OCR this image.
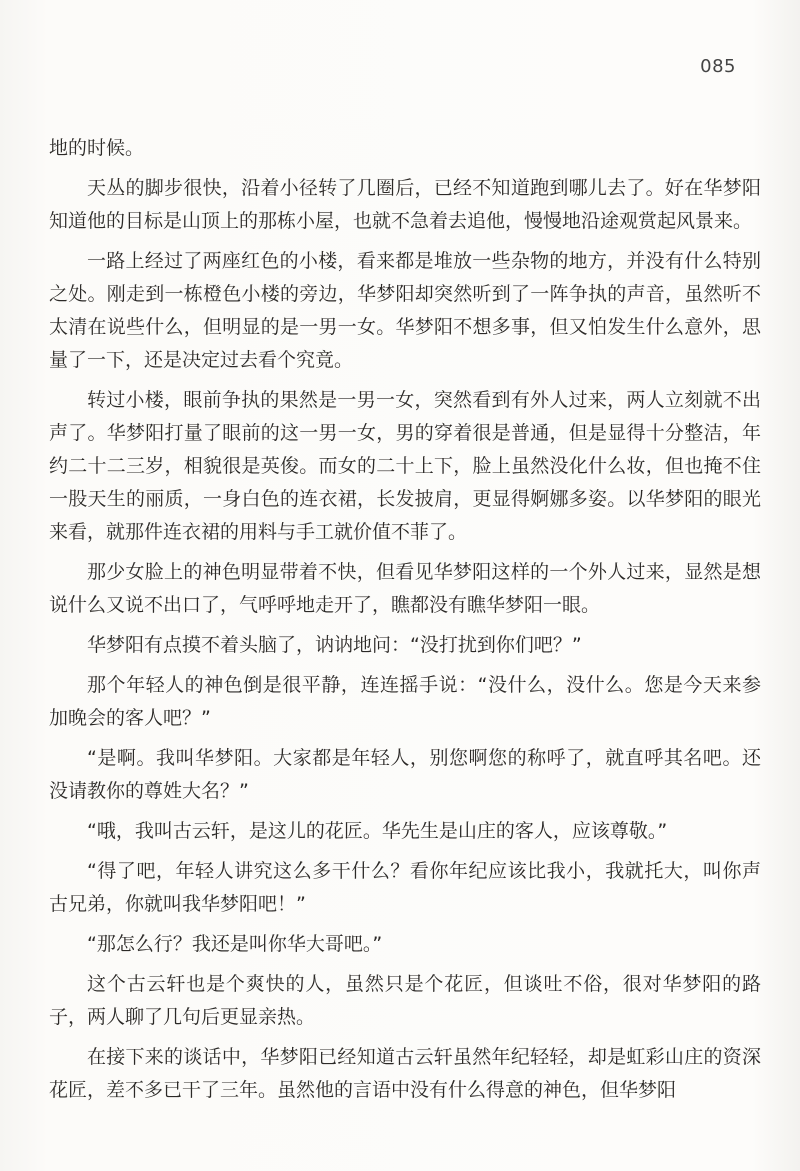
085

地的时候。

天丛的脚步很快，沿着小径转了几圈后，已经不知道跑到哪儿去了。好在华梦阳知道他的目标是山顶上的那栋小屋，也就不急着去追他，慢慢地沿途观赏起风景来。

一路上经过了两座红色的小楼，看来都是堆放一些杂物的地方，并没有什么特别之处。刚走到一栋橙色小楼的旁边，华梦阳却突然听到了一阵争执的声音，虽然听不太清在说些什么，但明显的是一男一女。华梦阳不想多事，但又怕发生什么意外，思量了一下，还是决定过去看个究竟。

转过小楼，眼前争执的果然是一男一女，突然看到有外人过来，两人立刻就不出声了。华梦阳打量了眼前的这一男一女，男的穿着很是普通，但是显得十分整洁，年约二十二三岁，相貌很是英俊。而女的二十上下，脸上虽然没化什么妆，但也掩不住一股天生的丽质，一身白色的连衣裙，长发披肩，更显得婀娜多姿。以华梦阳的眼光来看，就那件连衣裙的用料与手工就价值不菲了。

那少女脸上的神色明显带着不快，但看见华梦阳这样的一个外人过来，显然是想说什么又说不出口了，气呼呼地走开了，瞧都没有瞧华梦阳一眼。

华梦阳有点摸不着头脑了，讷讷地问：“没打扰到你们吧？”

那个年轻人的神色倒是很平静，连连摇手说：“没什么，没什么。您是今天来参加晚会的客人吧？”

“是啊。我叫华梦阳。大家都是年轻人，别您啊您的称呼了，就直呼其名吧。还没请教你的尊姓大名？”

“哦，我叫古云轩，是这儿的花匠。华先生是山庄的客人，应该尊敬。”

“得了吧，年轻人讲究这么多干什么？看你年纪应该比我小，我就托大，叫你声古兄弟，你就叫我华梦阳吧！”

“那怎么行？我还是叫你华大哥吧。”

这个古云轩也是个爽快的人，虽然只是个花匠，但谈吐不俗，很对华梦阳的路子，两人聊了几句后更显亲热。

在接下来的谈话中，华梦阳已经知道古云轩虽然年纪轻轻，却是虹彩山庄的资深花匠，差不多已干了三年。虽然他的言语中没有什么得意的神色，但华梦阳
